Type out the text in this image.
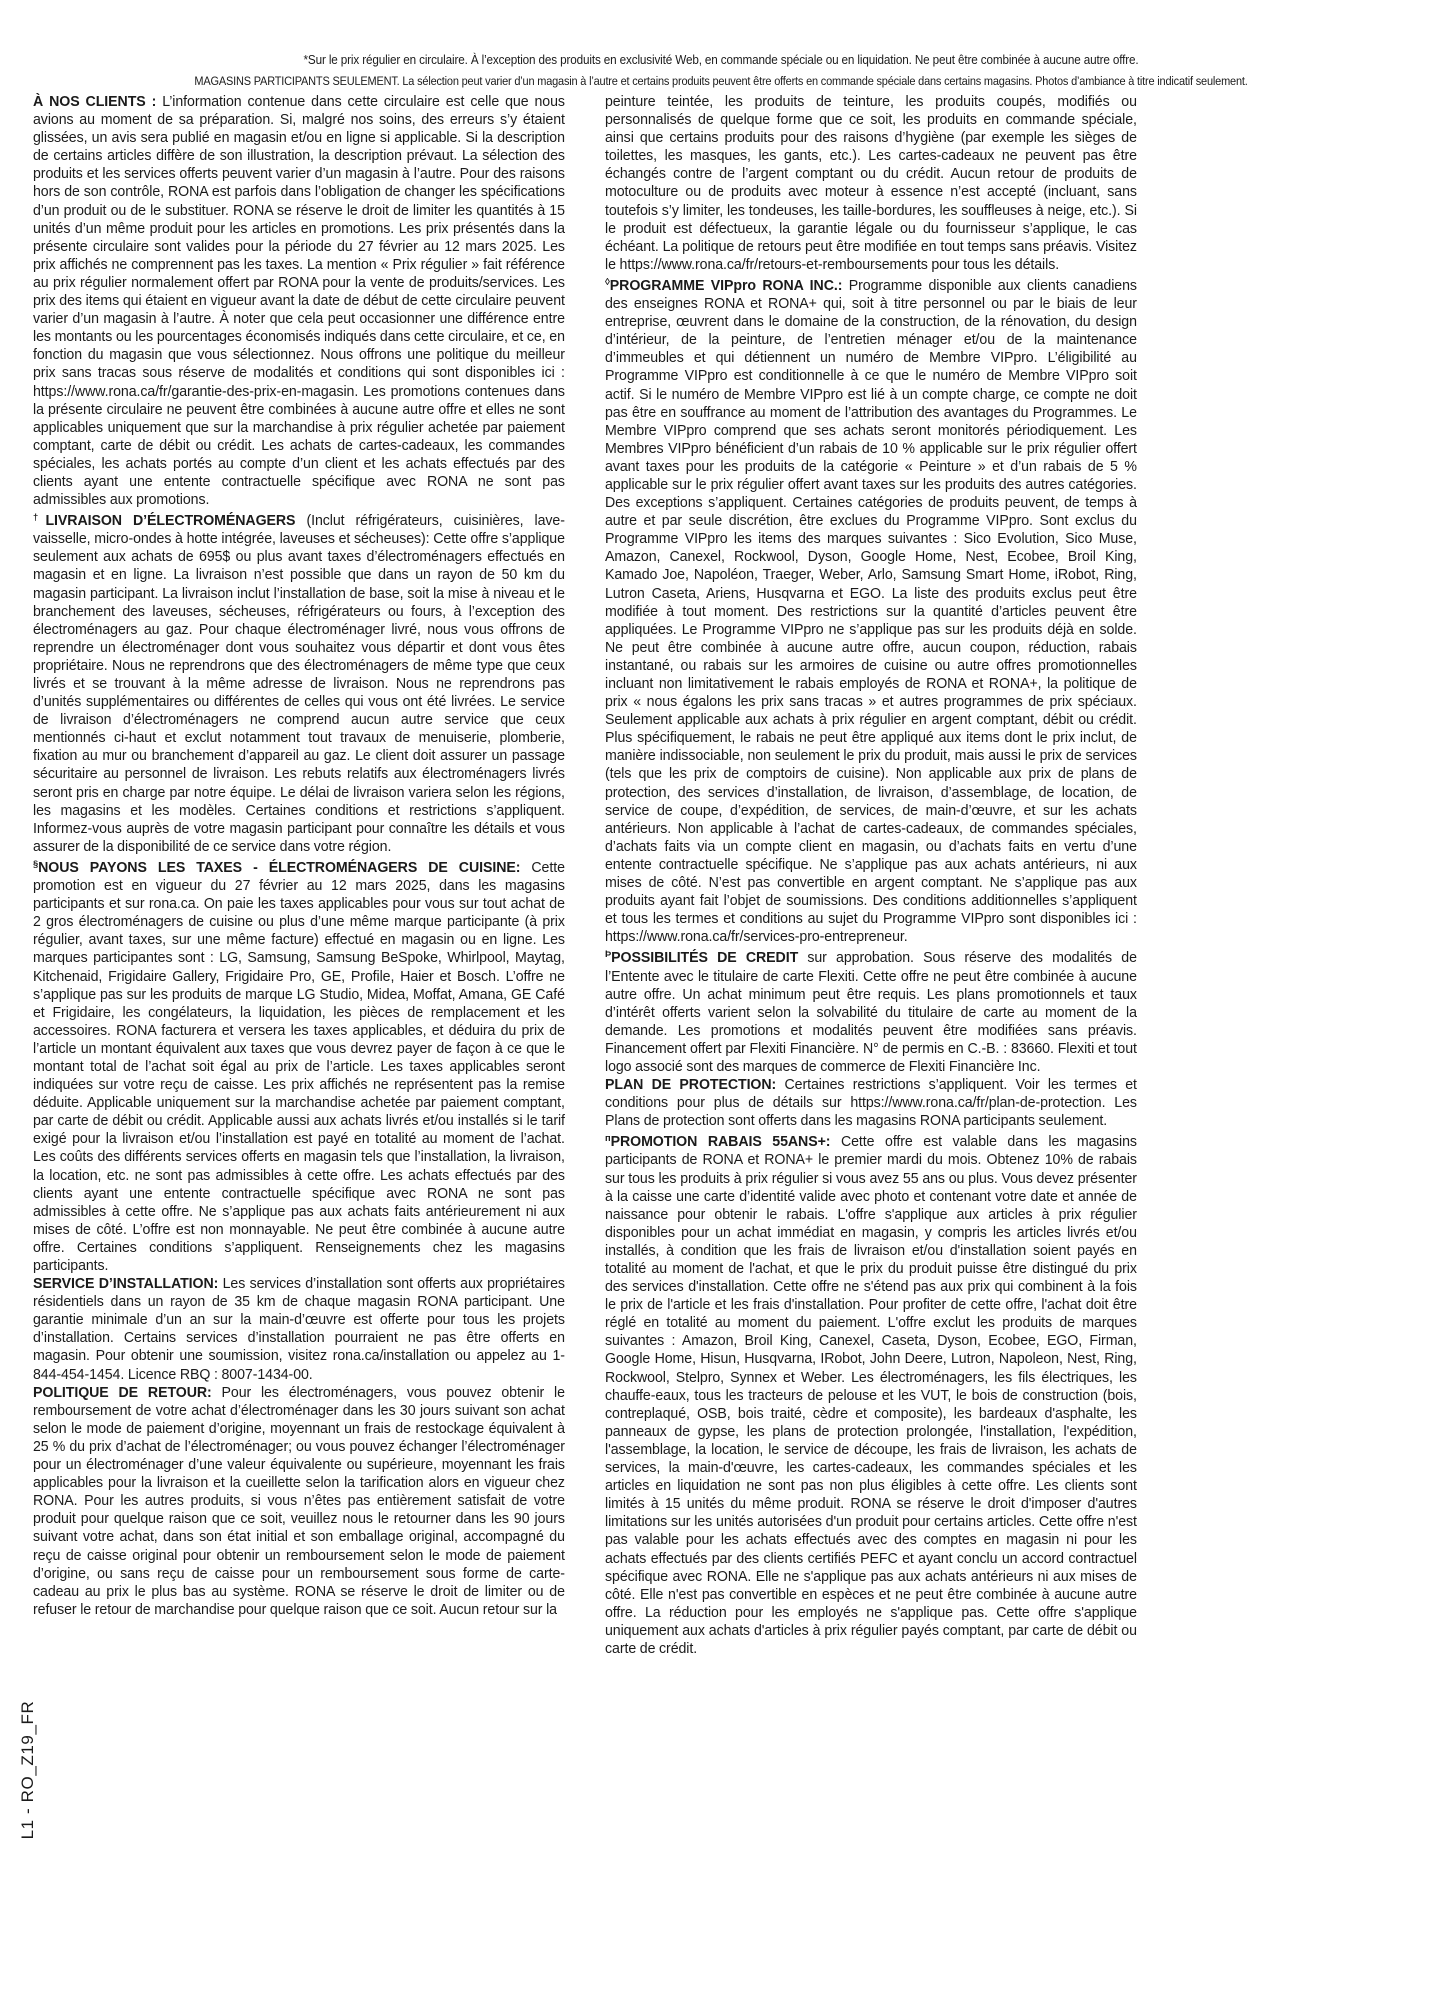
*Sur le prix régulier en circulaire. À l’exception des produits en exclusivité Web, en commande spéciale ou en liquidation. Ne peut être combinée à aucune autre offre.
MAGASINS PARTICIPANTS SEULEMENT. La sélection peut varier d’un magasin à l’autre et certains produits peuvent être offerts en commande spéciale dans certains magasins. Photos d’ambiance à titre indicatif seulement.

À NOS CLIENTS : L’information contenue dans cette circulaire est celle que nous avions au moment de sa préparation. Si, malgré nos soins, des erreurs s’y étaient glissées, un avis sera publié en magasin et/ou en ligne si applicable. Si la description de certains articles diffère de son illustration, la description prévaut. La sélection des produits et les services offerts peuvent varier d’un magasin à l’autre. Pour des raisons hors de son contrôle, RONA est parfois dans l’obligation de changer les spécifications d’un produit ou de le substituer. RONA se réserve le droit de limiter les quantités à 15 unités d’un même produit pour les articles en promotions. Les prix présentés dans la présente circulaire sont valides pour la période du 27 février au 12 mars 2025. Les prix affichés ne comprennent pas les taxes. La mention « Prix régulier » fait référence au prix régulier normalement offert par RONA pour la vente de produits/services. Les prix des items qui étaient en vigueur avant la date de début de cette circulaire peuvent varier d’un magasin à l’autre. À noter que cela peut occasionner une différence entre les montants ou les pourcentages économisés indiqués dans cette circulaire, et ce, en fonction du magasin que vous sélectionnez. Nous offrons une politique du meilleur prix sans tracas sous réserve de modalités et conditions qui sont disponibles ici : https://www.rona.ca/fr/garantie-des-prix-en-magasin. Les promotions contenues dans la présente circulaire ne peuvent être combinées à aucune autre offre et elles ne sont applicables uniquement que sur la marchandise à prix régulier achetée par paiement comptant, carte de débit ou crédit. Les achats de cartes-cadeaux, les commandes spéciales, les achats portés au compte d’un client et les achats effectués par des clients ayant une entente contractuelle spécifique avec RONA ne sont pas admissibles aux promotions.

†LIVRAISON D’ÉLECTROMÉNAGERS (Inclut réfrigérateurs, cuisinières, lave-vaisselle, micro-ondes à hotte intégrée, laveuses et sécheuses): Cette offre s’applique seulement aux achats de 695$ ou plus avant taxes d’électroménagers effectués en magasin et en ligne. La livraison n’est possible que dans un rayon de 50 km du magasin participant. La livraison inclut l’installation de base, soit la mise à niveau et le branchement des laveuses, sécheuses, réfrigérateurs ou fours, à l’exception des électroménagers au gaz. Pour chaque électroménager livré, nous vous offrons de reprendre un électroménager dont vous souhaitez vous départir et dont vous êtes propriétaire. Nous ne reprendrons que des électroménagers de même type que ceux livrés et se trouvant à la même adresse de livraison. Nous ne reprendrons pas d’unités supplémentaires ou différentes de celles qui vous ont été livrées. Le service de livraison d’électroménagers ne comprend aucun autre service que ceux mentionnés ci-haut et exclut notamment tout travaux de menuiserie, plomberie, fixation au mur ou branchement d’appareil au gaz. Le client doit assurer un passage sécuritaire au personnel de livraison. Les rebuts relatifs aux électroménagers livrés seront pris en charge par notre équipe. Le délai de livraison variera selon les régions, les magasins et les modèles. Certaines conditions et restrictions s’appliquent. Informez-vous auprès de votre magasin participant pour connaître les détails et vous assurer de la disponibilité de ce service dans votre région.

§NOUS PAYONS LES TAXES - ÉLECTROMÉNAGERS DE CUISINE: Cette promotion est en vigueur du 27 février au 12 mars 2025, dans les magasins participants et sur rona.ca. On paie les taxes applicables pour vous sur tout achat de 2 gros électroménagers de cuisine ou plus d’une même marque participante (à prix régulier, avant taxes, sur une même facture) effectué en magasin ou en ligne. Les marques participantes sont : LG, Samsung, Samsung BeSpoke, Whirlpool, Maytag, Kitchenaid, Frigidaire Gallery, Frigidaire Pro, GE, Profile, Haier et Bosch. L’offre ne s’applique pas sur les produits de marque LG Studio, Midea, Moffat, Amana, GE Café et Frigidaire, les congélateurs, la liquidation, les pièces de remplacement et les accessoires. RONA facturera et versera les taxes applicables, et déduira du prix de l’article un montant équivalent aux taxes que vous devrez payer de façon à ce que le montant total de l’achat soit égal au prix de l’article. Les taxes applicables seront indiquées sur votre reçu de caisse. Les prix affichés ne représentent pas la remise déduite. Applicable uniquement sur la marchandise achetée par paiement comptant, par carte de débit ou crédit. Applicable aussi aux achats livrés et/ou installés si le tarif exigé pour la livraison et/ou l’installation est payé en totalité au moment de l’achat. Les coûts des différents services offerts en magasin tels que l’installation, la livraison, la location, etc. ne sont pas admissibles à cette offre. Les achats effectués par des clients ayant une entente contractuelle spécifique avec RONA ne sont pas admissibles à cette offre. Ne s’applique pas aux achats faits antérieurement ni aux mises de côté. L’offre est non monnayable. Ne peut être combinée à aucune autre offre. Certaines conditions s’appliquent. Renseignements chez les magasins participants.

SERVICE D’INSTALLATION: Les services d’installation sont offerts aux propriétaires résidentiels dans un rayon de 35 km de chaque magasin RONA participant. Une garantie minimale d’un an sur la main-d’œuvre est offerte pour tous les projets d’installation. Certains services d’installation pourraient ne pas être offerts en magasin. Pour obtenir une soumission, visitez rona.ca/installation ou appelez au 1-844-454-1454. Licence RBQ : 8007-1434-00.

POLITIQUE DE RETOUR: Pour les électroménagers, vous pouvez obtenir le remboursement de votre achat d’électroménager dans les 30 jours suivant son achat selon le mode de paiement d’origine, moyennant un frais de restockage équivalent à 25 % du prix d’achat de l’électroménager; ou vous pouvez échanger l’électroménager pour un électroménager d’une valeur équivalente ou supérieure, moyennant les frais applicables pour la livraison et la cueillette selon la tarification alors en vigueur chez RONA. Pour les autres produits, si vous n’êtes pas entièrement satisfait de votre produit pour quelque raison que ce soit, veuillez nous le retourner dans les 90 jours suivant votre achat, dans son état initial et son emballage original, accompagné du reçu de caisse original pour obtenir un remboursement selon le mode de paiement d’origine, ou sans reçu de caisse pour un remboursement sous forme de carte-cadeau au prix le plus bas au système. RONA se réserve le droit de limiter ou de refuser le retour de marchandise pour quelque raison que ce soit. Aucun retour sur la

peinture teintée, les produits de teinture, les produits coupés, modifiés ou personnalisés de quelque forme que ce soit, les produits en commande spéciale, ainsi que certains produits pour des raisons d’hygiène (par exemple les sièges de toilettes, les masques, les gants, etc.). Les cartes-cadeaux ne peuvent pas être échangés contre de l’argent comptant ou du crédit. Aucun retour de produits de motoculture ou de produits avec moteur à essence n’est accepté (incluant, sans toutefois s’y limiter, les tondeuses, les taille-bordures, les souffleuses à neige, etc.). Si le produit est défectueux, la garantie légale ou du fournisseur s’applique, le cas échéant. La politique de retours peut être modifiée en tout temps sans préavis. Visitez le https://www.rona.ca/fr/retours-et-remboursements pour tous les détails.

◊PROGRAMME VIPpro RONA INC.: Programme disponible aux clients canadiens des enseignes RONA et RONA+ qui, soit à titre personnel ou par le biais de leur entreprise, œuvrent dans le domaine de la construction, de la rénovation, du design d’intérieur, de la peinture, de l’entretien ménager et/ou de la maintenance d’immeubles et qui détiennent un numéro de Membre VIPpro. L’éligibilité au Programme VIPpro est conditionnelle à ce que le numéro de Membre VIPpro soit actif. Si le numéro de Membre VIPpro est lié à un compte charge, ce compte ne doit pas être en souffrance au moment de l’attribution des avantages du Programmes. Le Membre VIPpro comprend que ses achats seront monitorés périodiquement. Les Membres VIPpro bénéficient d’un rabais de 10 % applicable sur le prix régulier offert avant taxes pour les produits de la catégorie « Peinture » et d’un rabais de 5 % applicable sur le prix régulier offert avant taxes sur les produits des autres catégories. Des exceptions s’appliquent. Certaines catégories de produits peuvent, de temps à autre et par seule discrétion, être exclues du Programme VIPpro. Sont exclus du Programme VIPpro les items des marques suivantes : Sico Evolution, Sico Muse, Amazon, Canexel, Rockwool, Dyson, Google Home, Nest, Ecobee, Broil King, Kamado Joe, Napoléon, Traeger, Weber, Arlo, Samsung Smart Home, iRobot, Ring, Lutron Caseta, Ariens, Husqvarna et EGO. La liste des produits exclus peut être modifiée à tout moment. Des restrictions sur la quantité d’articles peuvent être appliquées. Le Programme VIPpro ne s’applique pas sur les produits déjà en solde. Ne peut être combinée à aucune autre offre, aucun coupon, réduction, rabais instantané, ou rabais sur les armoires de cuisine ou autre offres promotionnelles incluant non limitativement le rabais employés de RONA et RONA+, la politique de prix « nous égalons les prix sans tracas » et autres programmes de prix spéciaux. Seulement applicable aux achats à prix régulier en argent comptant, débit ou crédit. Plus spécifiquement, le rabais ne peut être appliqué aux items dont le prix inclut, de manière indissociable, non seulement le prix du produit, mais aussi le prix de services (tels que les prix de comptoirs de cuisine). Non applicable aux prix de plans de protection, des services d’installation, de livraison, d’assemblage, de location, de service de coupe, d’expédition, de services, de main-d’œuvre, et sur les achats antérieurs. Non applicable à l’achat de cartes-cadeaux, de commandes spéciales, d’achats faits via un compte client en magasin, ou d’achats faits en vertu d’une entente contractuelle spécifique. Ne s’applique pas aux achats antérieurs, ni aux mises de côté. N’est pas convertible en argent comptant. Ne s’applique pas aux produits ayant fait l’objet de soumissions. Des conditions additionnelles s’appliquent et tous les termes et conditions au sujet du Programme VIPpro sont disponibles ici : https://www.rona.ca/fr/services-pro-entrepreneur.

$^Þ$POSSIBILITÉS DE CREDIT sur approbation. Sous réserve des modalités de l’Entente avec le titulaire de carte Flexiti. Cette offre ne peut être combinée à aucune autre offre. Un achat minimum peut être requis. Les plans promotionnels et taux d’intérêt offerts varient selon la solvabilité du titulaire de carte au moment de la demande. Les promotions et modalités peuvent être modifiées sans préavis. Financement offert par Flexiti Financière. N° de permis en C.-B. : 83660. Flexiti et tout logo associé sont des marques de commerce de Flexiti Financière Inc.

PLAN DE PROTECTION: Certaines restrictions s’appliquent. Voir les termes et conditions pour plus de détails sur https://www.rona.ca/fr/plan-de-protection. Les Plans de protection sont offerts dans les magasins RONA participants seulement.

$^ᴨ$PROMOTION RABAIS 55ANS+: Cette offre est valable dans les magasins participants de RONA et RONA+ le premier mardi du mois. Obtenez 10% de rabais sur tous les produits à prix régulier si vous avez 55 ans ou plus. Vous devez présenter à la caisse une carte d’identité valide avec photo et contenant votre date et année de naissance pour obtenir le rabais. L'offre s'applique aux articles à prix régulier disponibles pour un achat immédiat en magasin, y compris les articles livrés et/ou installés, à condition que les frais de livraison et/ou d'installation soient payés en totalité au moment de l'achat, et que le prix du produit puisse être distingué du prix des services d'installation. Cette offre ne s'étend pas aux prix qui combinent à la fois le prix de l'article et les frais d'installation. Pour profiter de cette offre, l'achat doit être réglé en totalité au moment du paiement. L'offre exclut les produits de marques suivantes : Amazon, Broil King, Canexel, Caseta, Dyson, Ecobee, EGO, Firman, Google Home, Hisun, Husqvarna, IRobot, John Deere, Lutron, Napoleon, Nest, Ring, Rockwool, Stelpro, Synnex et Weber. Les électroménagers, les fils électriques, les chauffe-eaux, tous les tracteurs de pelouse et les VUT, le bois de construction (bois, contreplaqué, OSB, bois traité, cèdre et composite), les bardeaux d'asphalte, les panneaux de gypse, les plans de protection prolongée, l'installation, l'expédition, l'assemblage, la location, le service de découpe, les frais de livraison, les achats de services, la main-d'œuvre, les cartes-cadeaux, les commandes spéciales et les articles en liquidation ne sont pas non plus éligibles à cette offre. Les clients sont limités à 15 unités du même produit. RONA se réserve le droit d'imposer d'autres limitations sur les unités autorisées d'un produit pour certains articles. Cette offre n'est pas valable pour les achats effectués avec des comptes en magasin ni pour les achats effectués par des clients certifiés PEFC et ayant conclu un accord contractuel spécifique avec RONA. Elle ne s'applique pas aux achats antérieurs ni aux mises de côté. Elle n'est pas convertible en espèces et ne peut être combinée à aucune autre offre. La réduction pour les employés ne s'applique pas. Cette offre s'applique uniquement aux achats d'articles à prix régulier payés comptant, par carte de débit ou carte de crédit.

L1 - RO_Z19_FR
